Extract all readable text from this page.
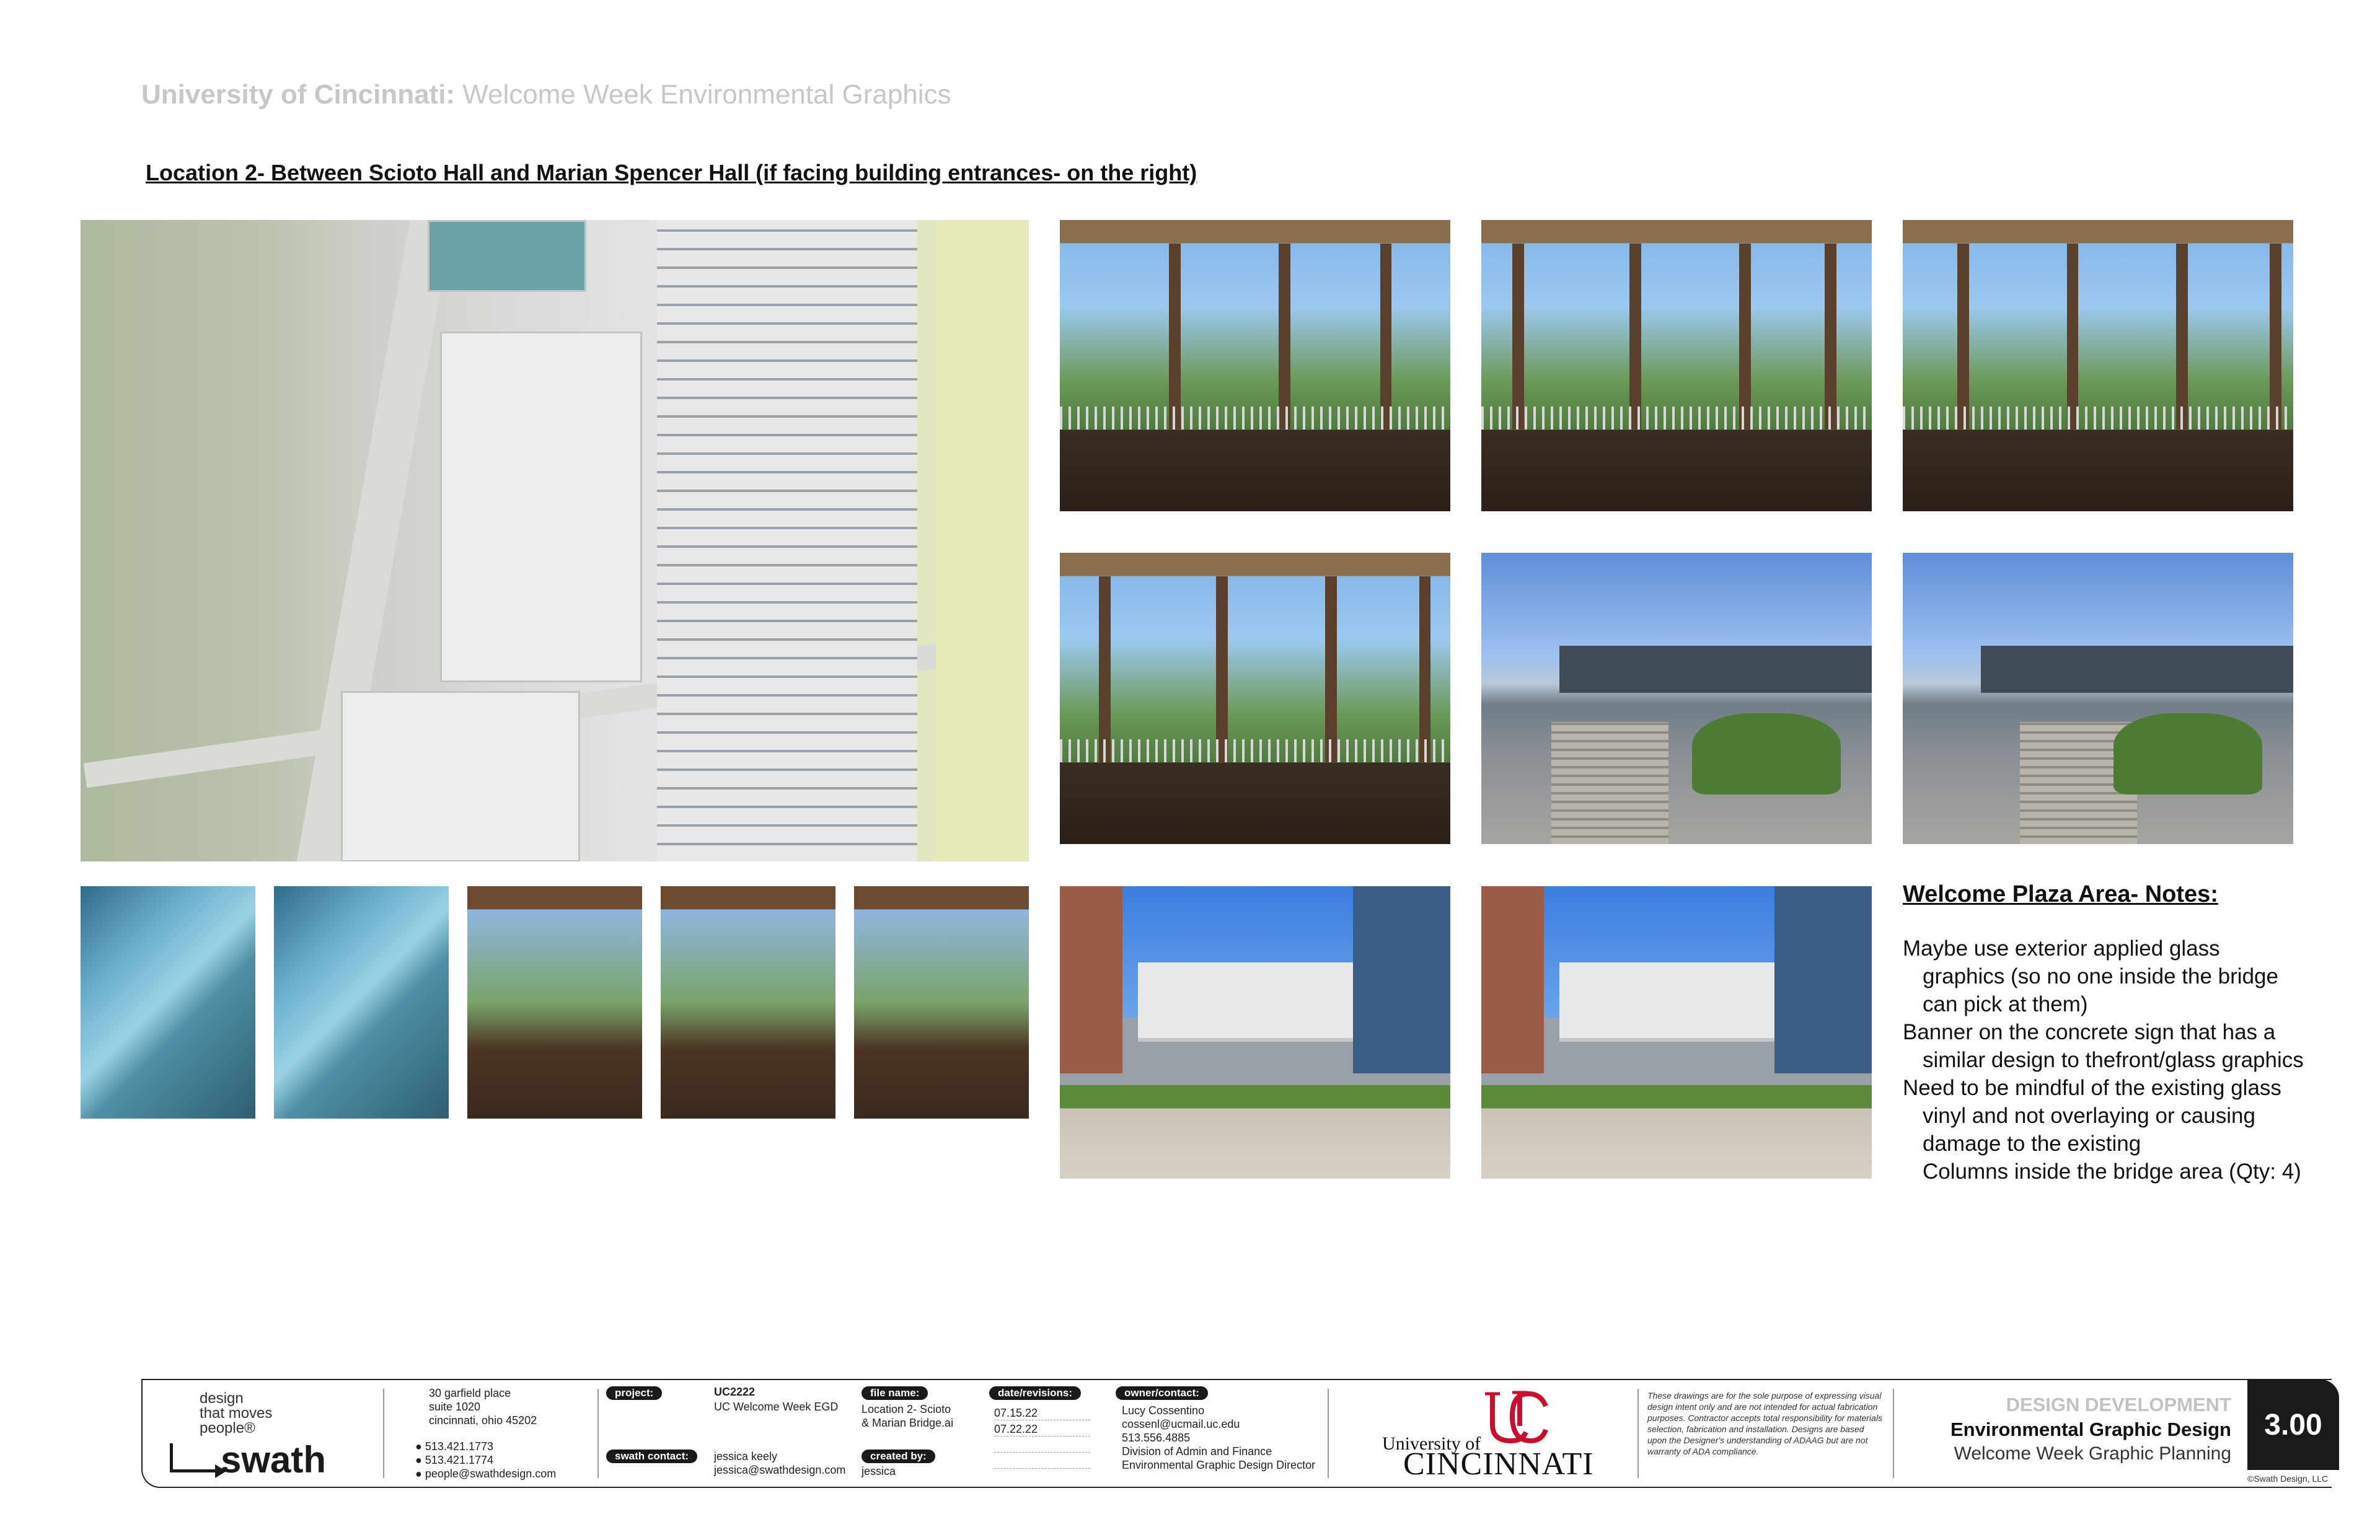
University of Cincinnati: Welcome Week Environmental Graphics
Location 2- Between Scioto Hall and Marian Spencer Hall (if facing building entrances- on the right)
Welcome Plaza Area- Notes:
Maybe use exterior applied glass
graphics (so no one inside the bridge
can pick at them)
Banner on the concrete sign that has a
similar design to thefront/glass graphics
Need to be mindful of the existing glass
vinyl and not overlaying or causing
damage to the existing
Columns inside the bridge area (Qty: 4)
design
that moves
people®
swath
30 garfield place
suite 1020
cincinnati, ohio 45202
● 513.421.1773
● 513.421.1774
● people@swathdesign.com
project:	UC2222
UC Welcome Week EGD
swath contact:	jessica keely
jessica@swathdesign.com
file name:
Location 2- Scioto
& Marian Bridge.ai
created by:
jessica
date/revisions:
07.15.22
07.22.22
owner/contact:
Lucy Cossentino
cossenl@ucmail.uc.edu
513.556.4885
Division of Admin and Finance
Environmental Graphic Design Director
University of
CINCINNATI
These drawings are for the sole purpose of expressing visual design intent only and are not intended for actual fabrication purposes. Contractor accepts total responsibility for materials selection, fabrication and installation. Designs are based upon the Designer's understanding of ADAAG but are not warranty of ADA compliance.
DESIGN DEVELOPMENT
Environmental Graphic Design
Welcome Week Graphic Planning
3.00
©Swath Design, LLC
